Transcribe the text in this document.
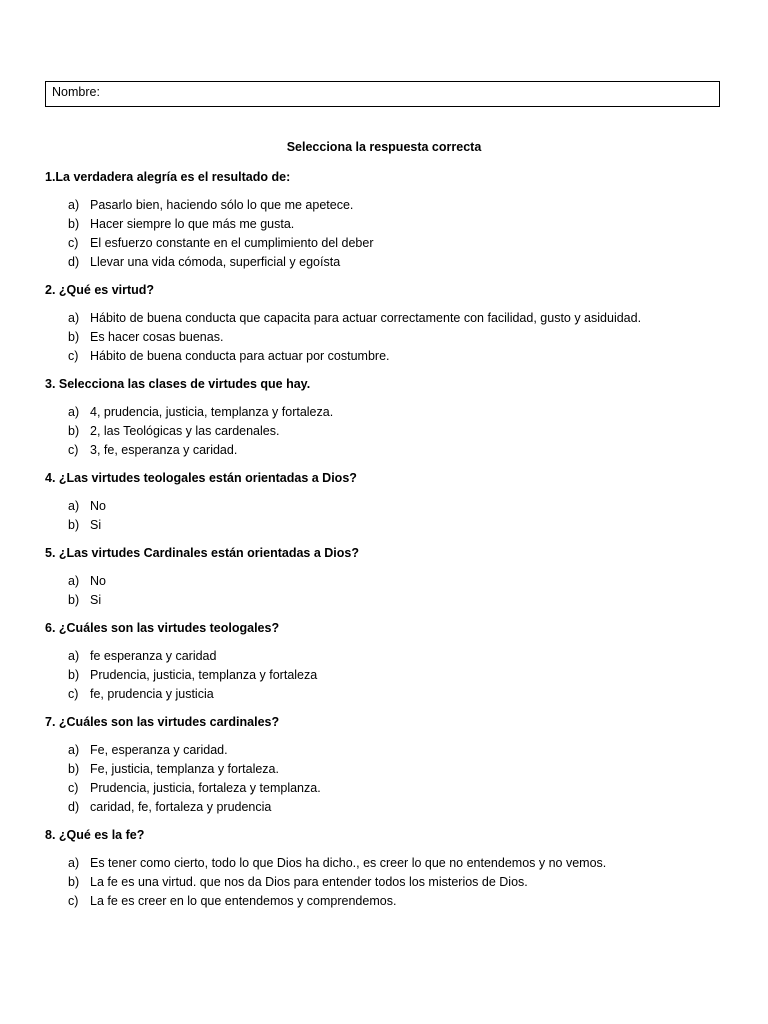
Nombre:
Selecciona la respuesta correcta

1.La verdadera alegría es el resultado de:

a) Pasarlo bien, haciendo sólo lo que me apetece.
b) Hacer siempre lo que más me gusta.
c) El esfuerzo constante en el cumplimiento del deber
d) Llevar una vida cómoda, superficial y egoísta

2. ¿Qué es virtud?

a) Hábito de buena conducta que capacita para actuar correctamente con facilidad, gusto y asiduidad.
b) Es hacer cosas buenas.
c) Hábito de buena conducta para actuar por costumbre.

3. Selecciona las clases de virtudes que hay.

a) 4, prudencia, justicia, templanza y fortaleza.
b) 2, las Teológicas y las cardenales.
c) 3, fe, esperanza y caridad.

4. ¿Las virtudes teologales están orientadas a Dios?

a) No
b) Si

5. ¿Las virtudes Cardinales están orientadas a Dios?

a) No
b) Si

6. ¿Cuáles son las virtudes teologales?

a) fe esperanza y caridad
b) Prudencia, justicia, templanza y fortaleza
c) fe, prudencia y justicia

7. ¿Cuáles son las virtudes cardinales?

a) Fe, esperanza y caridad.
b) Fe, justicia, templanza y fortaleza.
c) Prudencia, justicia, fortaleza y templanza.
d) caridad, fe, fortaleza y prudencia

8. ¿Qué es la fe?

a) Es tener como cierto, todo lo que Dios ha dicho., es creer lo que no entendemos y no vemos.
b) La fe es una virtud. que nos da Dios para entender todos los misterios de Dios.
c) La fe es creer en lo que entendemos y comprendemos.
